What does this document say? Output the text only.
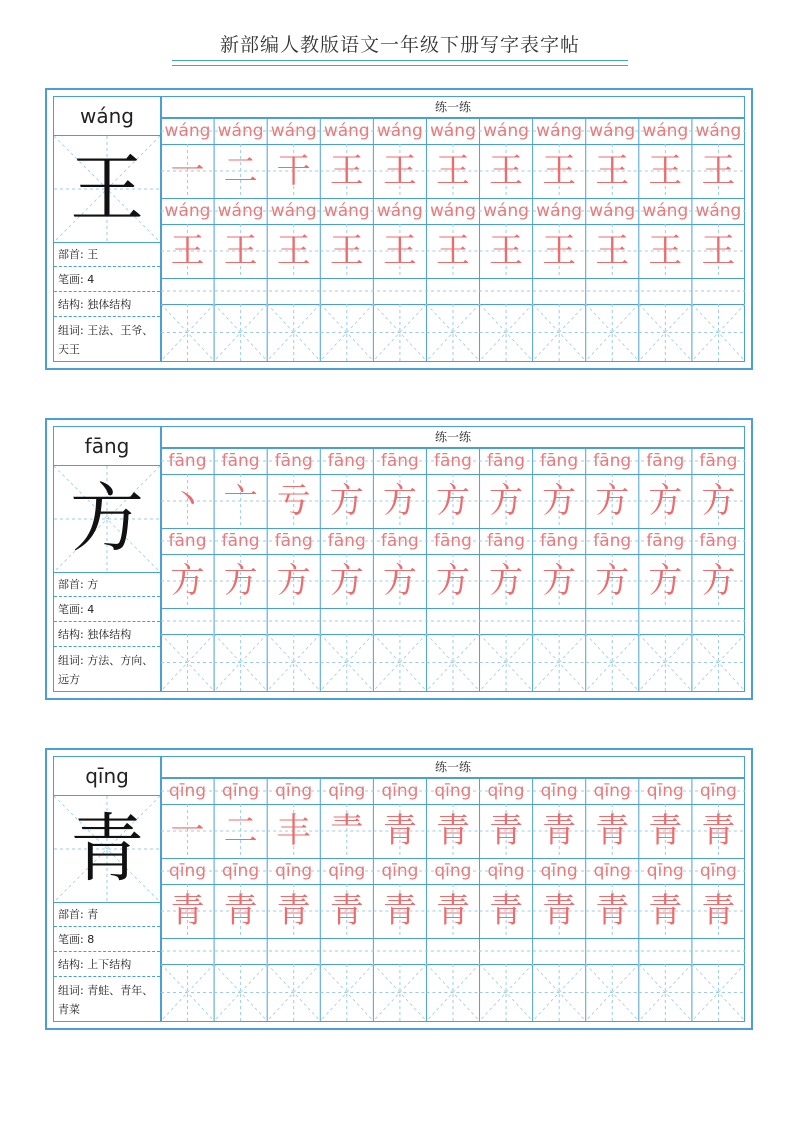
新部编人教版语文一年级下册写字表字帖
wáng
王
部首: 王
笔画: 4
结构: 独体结构
组词: 王法、王爷、天王
练一练
wáng
一
wáng
二
wáng
干
wáng
王
wáng
王
wáng
王
wáng
王
wáng
王
wáng
王
wáng
王
wáng
王
wáng
王
wáng
王
wáng
王
wáng
王
wáng
王
wáng
王
wáng
王
wáng
王
wáng
王
wáng
王
wáng
王
fāng
方
部首: 方
笔画: 4
结构: 独体结构
组词: 方法、方向、远方
练一练
fāng
丶
fāng
亠
fāng
亏
fāng
方
fāng
方
fāng
方
fāng
方
fāng
方
fāng
方
fāng
方
fāng
方
fāng
方
fāng
方
fāng
方
fāng
方
fāng
方
fāng
方
fāng
方
fāng
方
fāng
方
fāng
方
fāng
方
qīng
青
部首: 青
笔画: 8
结构: 上下结构
组词: 青蛙、青年、青菜
练一练
qīng
一
qīng
二
qīng
丰
qīng
龶
qīng
青
qīng
青
qīng
青
qīng
青
qīng
青
qīng
青
qīng
青
qīng
青
qīng
青
qīng
青
qīng
青
qīng
青
qīng
青
qīng
青
qīng
青
qīng
青
qīng
青
qīng
青
